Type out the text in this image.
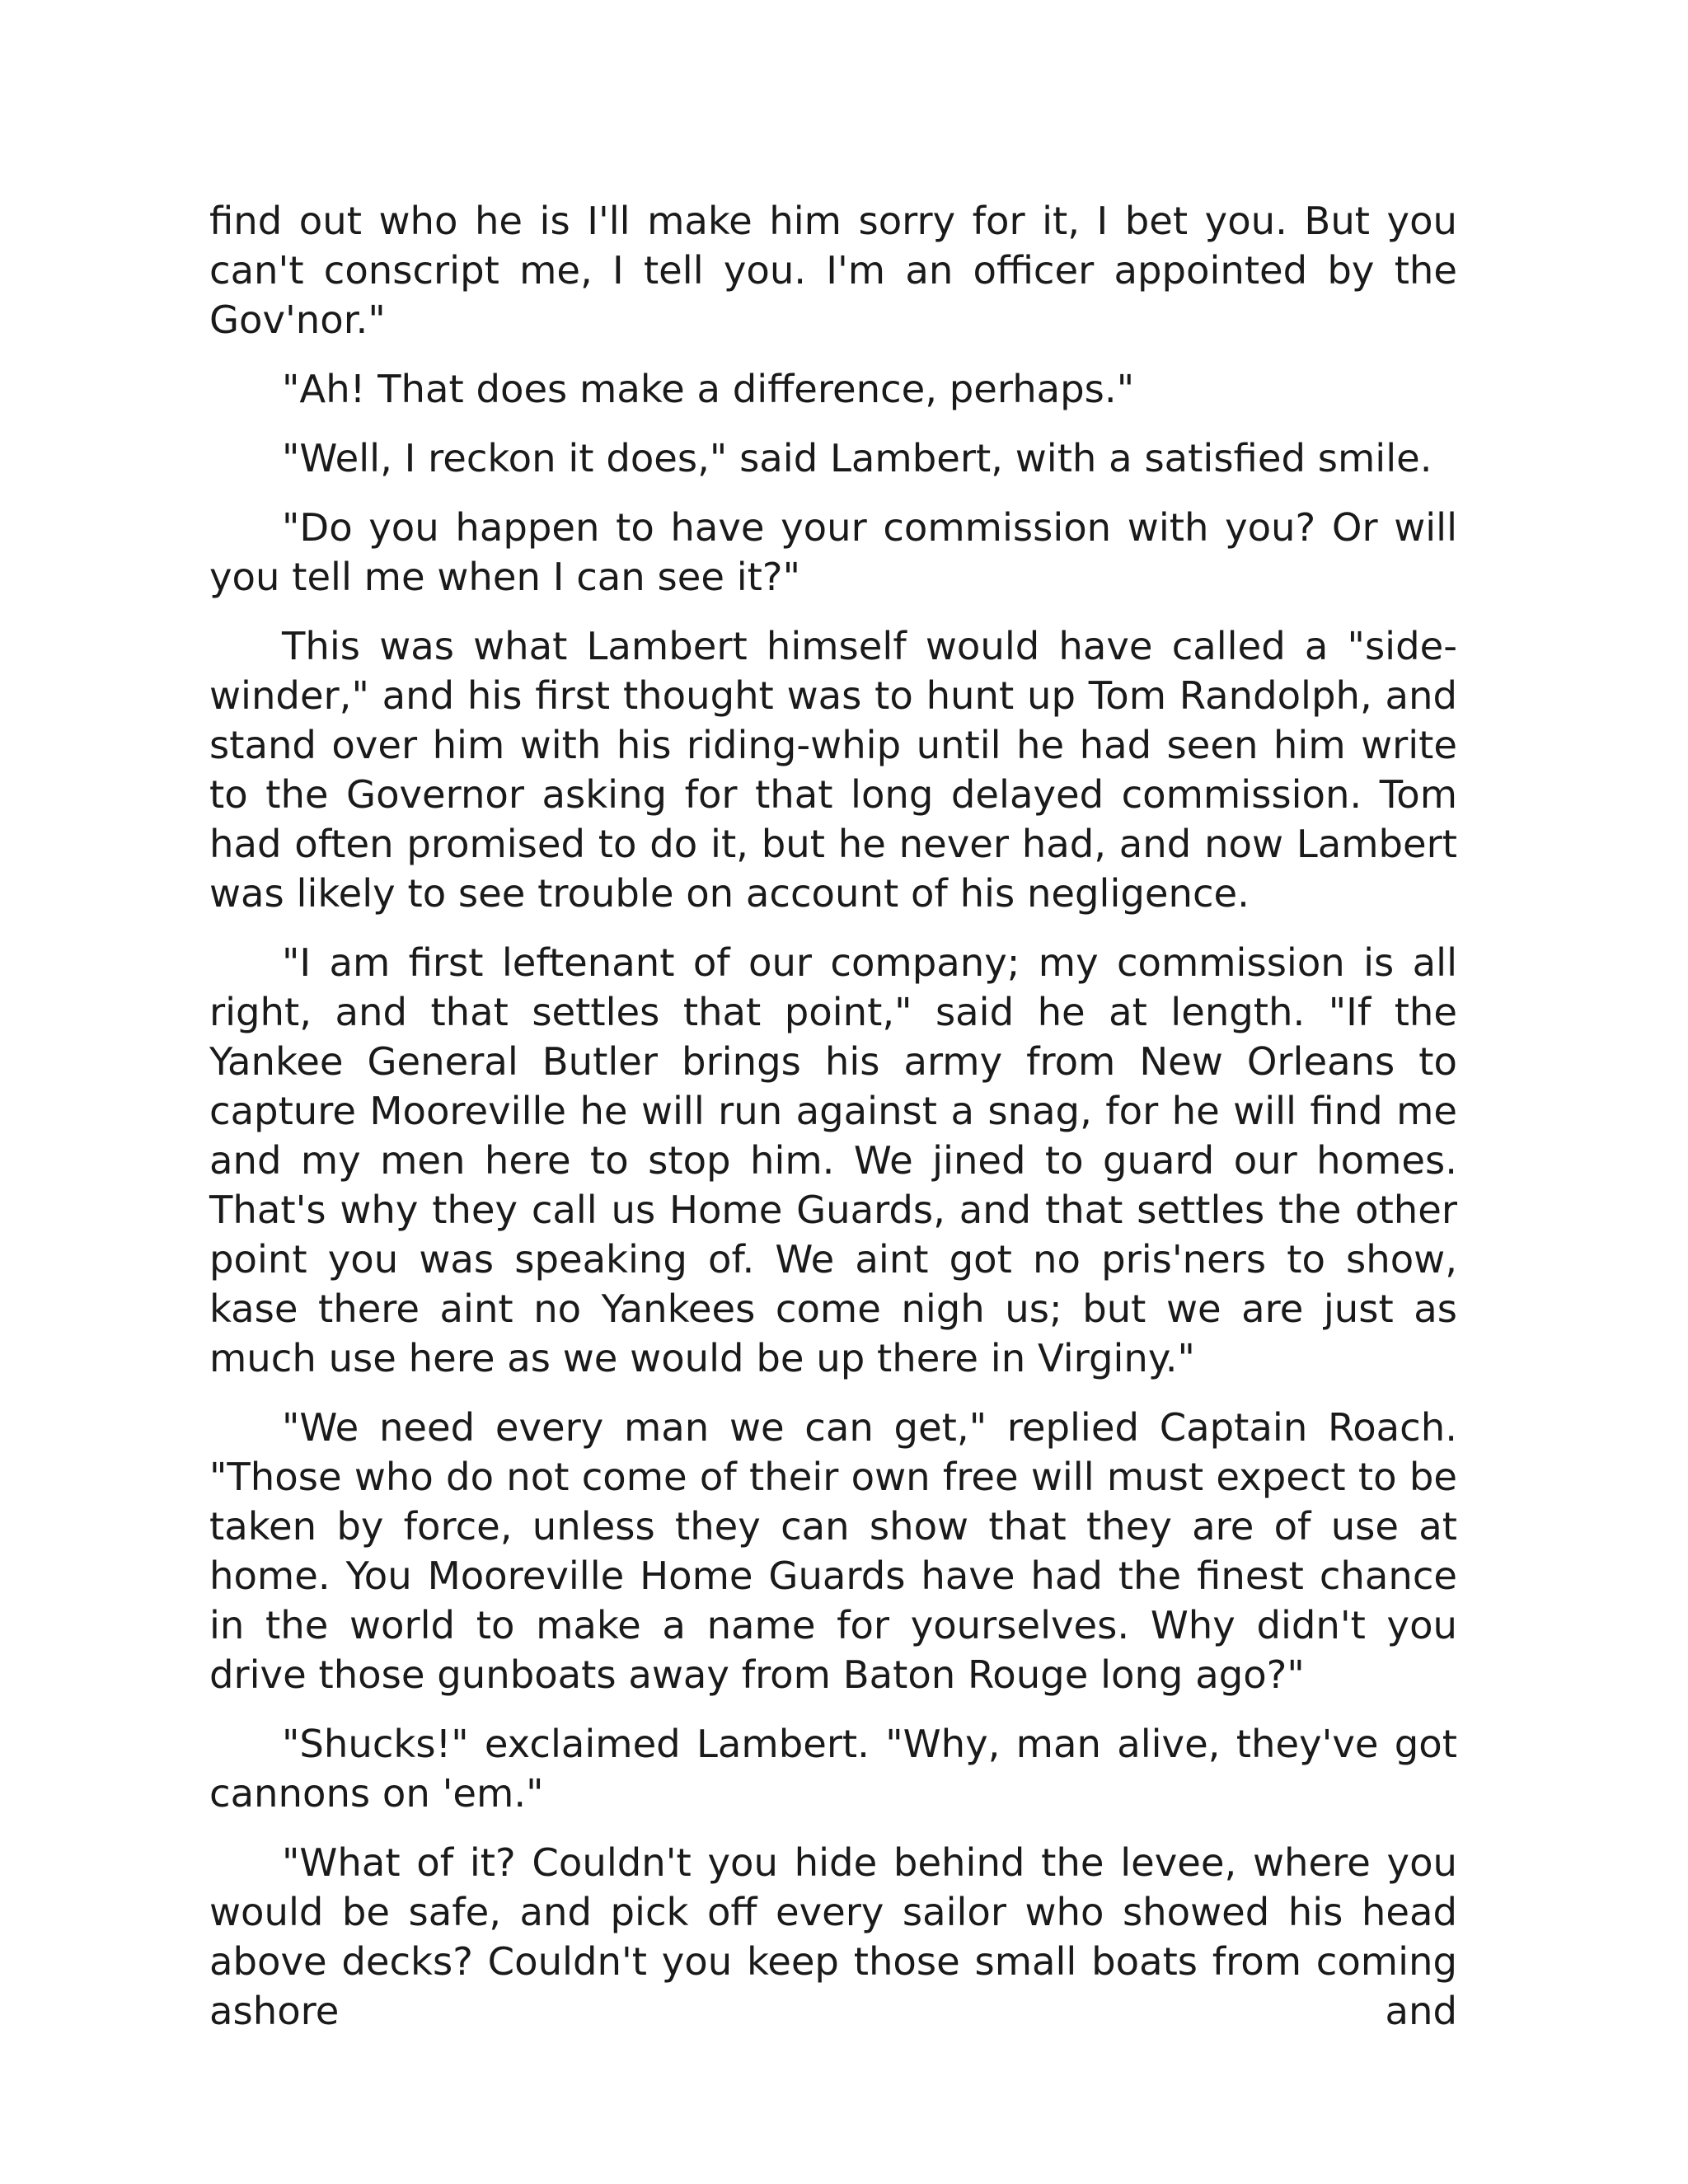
find out who he is I'll make him sorry for it, I bet you. But you can't conscript me, I tell you. I'm an officer appointed by the Gov'nor."

"Ah! That does make a difference, perhaps."

"Well, I reckon it does," said Lambert, with a satisfied smile.

"Do you happen to have your commission with you? Or will you tell me when I can see it?"

This was what Lambert himself would have called a "side-winder," and his first thought was to hunt up Tom Randolph, and stand over him with his riding-whip until he had seen him write to the Governor asking for that long delayed commission. Tom had often promised to do it, but he never had, and now Lambert was likely to see trouble on account of his negligence.

"I am first leftenant of our company; my commission is all right, and that settles that point," said he at length. "If the Yankee General Butler brings his army from New Orleans to capture Mooreville he will run against a snag, for he will find me and my men here to stop him. We jined to guard our homes. That's why they call us Home Guards, and that settles the other point you was speaking of. We aint got no pris'ners to show, kase there aint no Yankees come nigh us; but we are just as much use here as we would be up there in Virginy."

"We need every man we can get," replied Captain Roach. "Those who do not come of their own free will must expect to be taken by force, unless they can show that they are of use at home. You Mooreville Home Guards have had the finest chance in the world to make a name for yourselves. Why didn't you drive those gunboats away from Baton Rouge long ago?"

"Shucks!" exclaimed Lambert. "Why, man alive, they've got cannons on 'em."

"What of it? Couldn't you hide behind the levee, where you would be safe, and pick off every sailor who showed his head above decks? Couldn't you keep those small boats from coming ashore and
